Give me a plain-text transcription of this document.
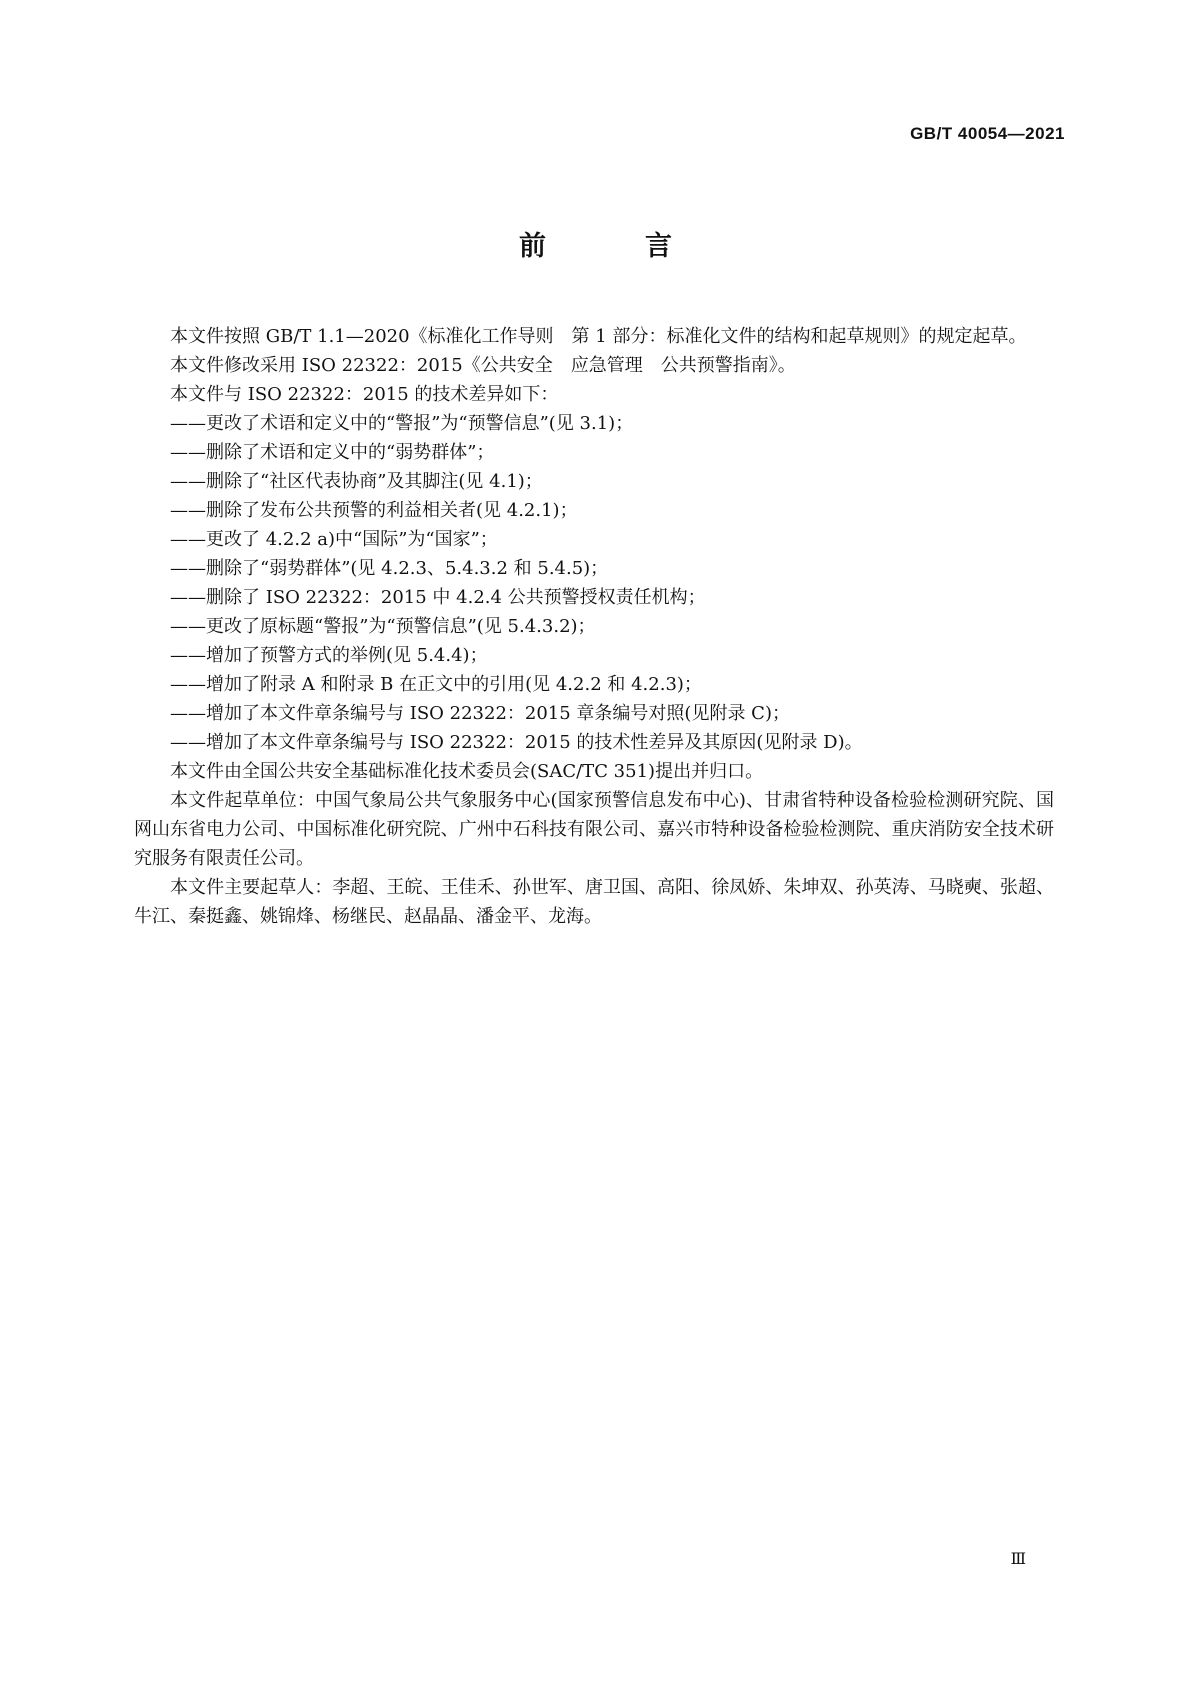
GB/T 40054—2021
前　言

本文件按照 GB/T 1.1—2020《标准化工作导则　第 1 部分：标准化文件的结构和起草规则》的规定起草。

本文件修改采用 ISO 22322：2015《公共安全　应急管理　公共预警指南》。

本文件与 ISO 22322：2015 的技术差异如下：

——更改了术语和定义中的“警报”为“预警信息”(见 3.1)；

——删除了术语和定义中的“弱势群体”；

——删除了“社区代表协商”及其脚注(见 4.1)；

——删除了发布公共预警的利益相关者(见 4.2.1)；

——更改了 4.2.2 a)中“国际”为“国家”；

——删除了“弱势群体”(见 4.2.3、5.4.3.2 和 5.4.5)；

——删除了 ISO 22322：2015 中 4.2.4 公共预警授权责任机构；

——更改了原标题“警报”为“预警信息”(见 5.4.3.2)；

——增加了预警方式的举例(见 5.4.4)；

——增加了附录 A 和附录 B 在正文中的引用(见 4.2.2 和 4.2.3)；

——增加了本文件章条编号与 ISO 22322：2015 章条编号对照(见附录 C)；

——增加了本文件章条编号与 ISO 22322：2015 的技术性差异及其原因(见附录 D)。

本文件由全国公共安全基础标准化技术委员会(SAC/TC 351)提出并归口。

本文件起草单位：中国气象局公共气象服务中心(国家预警信息发布中心)、甘肃省特种设备检验检测研究院、国网山东省电力公司、中国标准化研究院、广州中石科技有限公司、嘉兴市特种设备检验检测院、重庆消防安全技术研究服务有限责任公司。

本文件主要起草人：李超、王皖、王佳禾、孙世军、唐卫国、高阳、徐凤娇、朱坤双、孙英涛、马晓奭、张超、牛江、秦挺鑫、姚锦烽、杨继民、赵晶晶、潘金平、龙海。

Ⅲ
